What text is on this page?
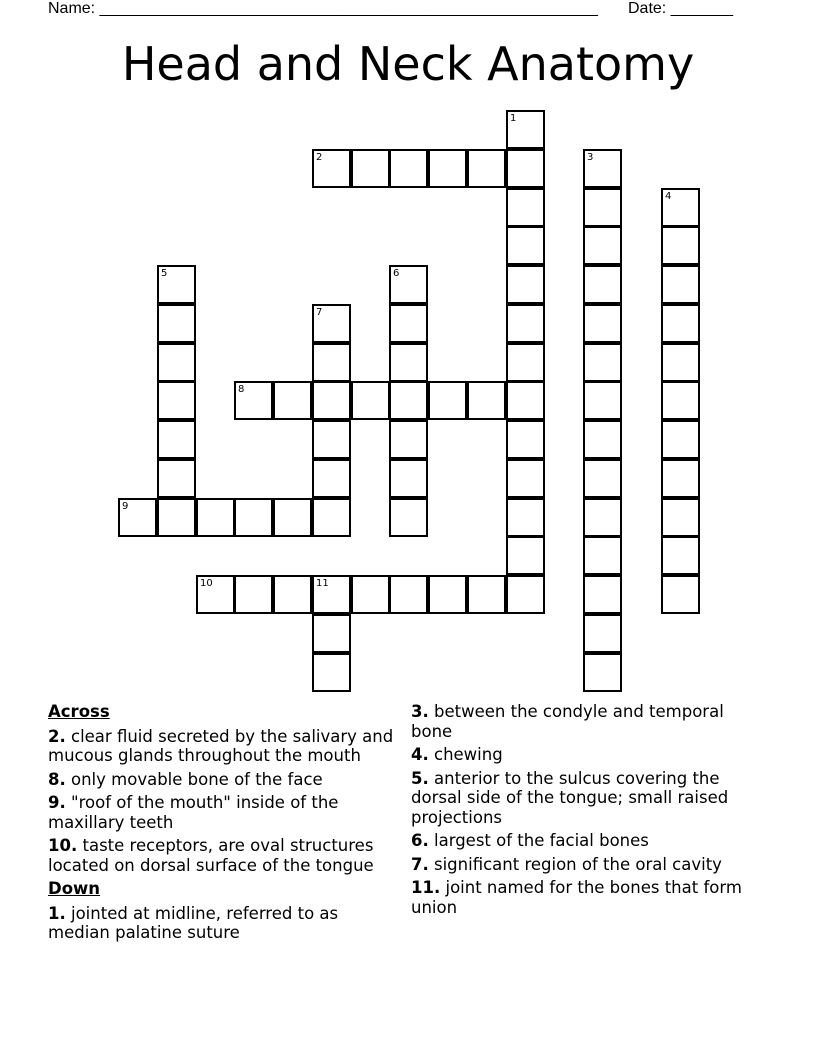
Name: ________________________________________________________ Date: _______
Head and Neck Anatomy
1
2	3
4
5	6
7
8
9
10	11
Across
2. clear fluid secreted by the salivary and mucous glands throughout the mouth
8. only movable bone of the face
9. "roof of the mouth" inside of the maxillary teeth
10. taste receptors, are oval structures located on dorsal surface of the tongue
Down
1. jointed at midline, referred to as median palatine suture
3. between the condyle and temporal bone
4. chewing
5. anterior to the sulcus covering the dorsal side of the tongue; small raised projections
6. largest of the facial bones
7. significant region of the oral cavity
11. joint named for the bones that form union
